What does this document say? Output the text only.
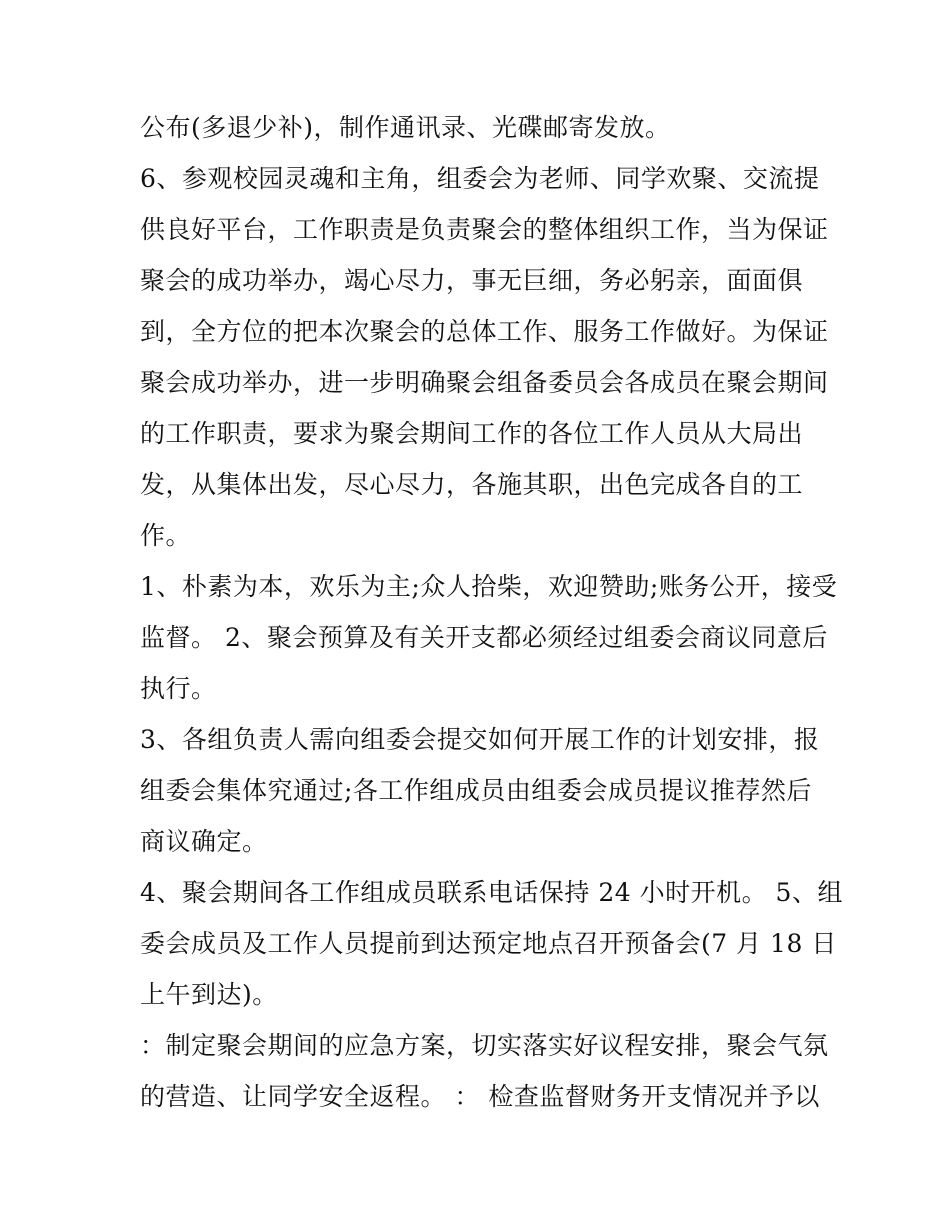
公布(多退少补)，制作通讯录、光碟邮寄发放。
6、参观校园灵魂和主角，组委会为老师、同学欢聚、交流提
供良好平台，工作职责是负责聚会的整体组织工作，当为保证
聚会的成功举办，竭心尽力，事无巨细，务必躬亲，面面俱
到，全方位的把本次聚会的总体工作、服务工作做好。为保证
聚会成功举办，进一步明确聚会组备委员会各成员在聚会期间
的工作职责，要求为聚会期间工作的各位工作人员从大局出
发，从集体出发，尽心尽力，各施其职，出色完成各自的工
作。
1、朴素为本，欢乐为主;众人拾柴，欢迎赞助;账务公开，接受
监督。 2、聚会预算及有关开支都必须经过组委会商议同意后
执行。
3、各组负责人需向组委会提交如何开展工作的计划安排，报
组委会集体究通过;各工作组成员由组委会成员提议推荐然后
商议确定。
4、聚会期间各工作组成员联系电话保持 24 小时开机。 5、组
委会成员及工作人员提前到达预定地点召开预备会(7 月 18 日
上午到达)。
：制定聚会期间的应急方案，切实落实好议程安排，聚会气氛
的营造、让同学安全返程。 ： 检查监督财务开支情况并予以
